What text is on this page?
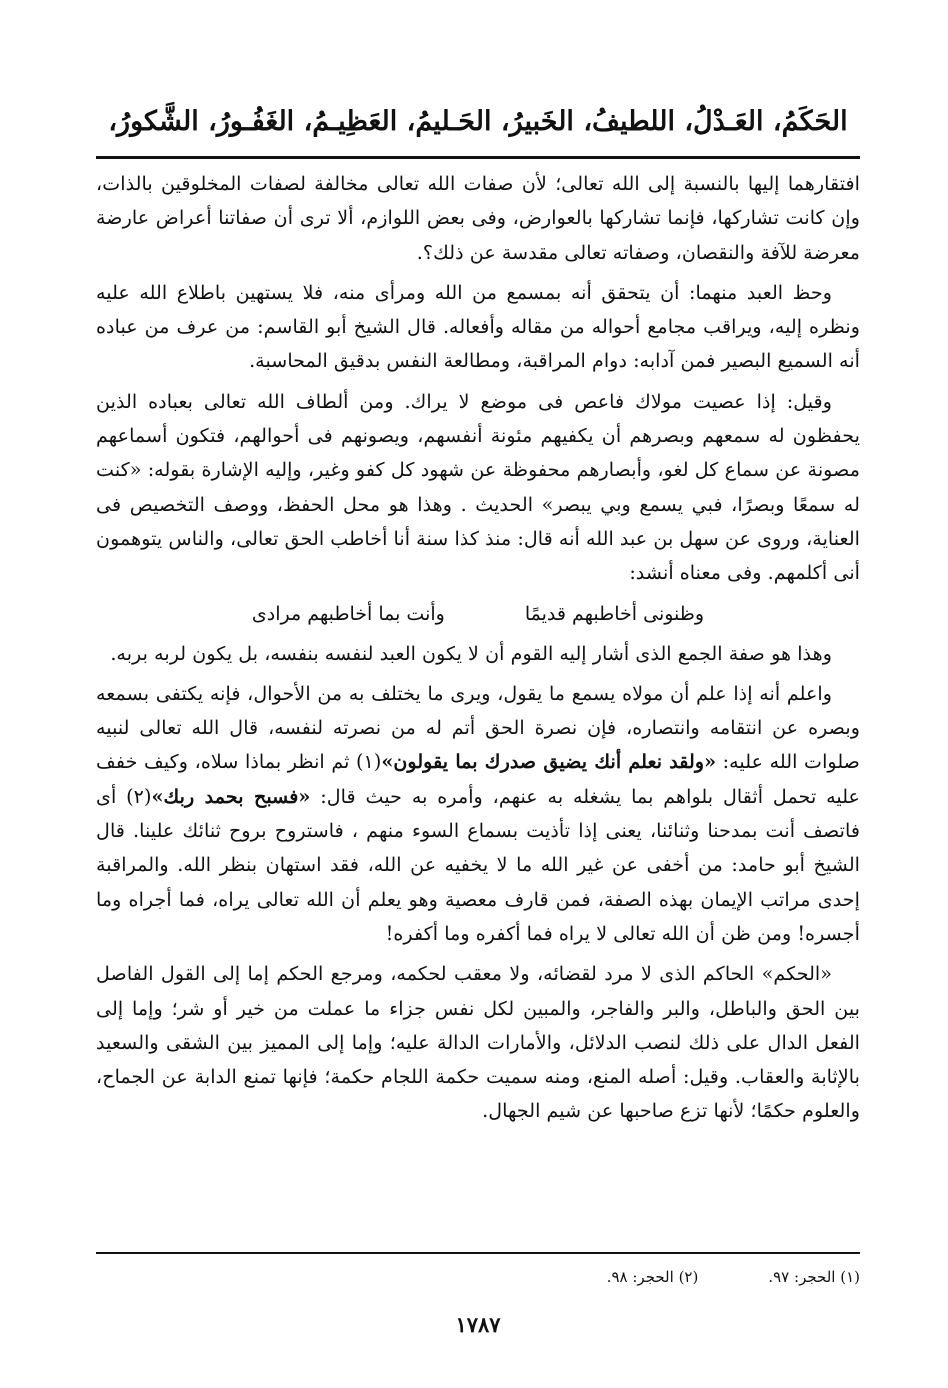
الحَكَمُ، العَـدْلُ، اللطيفُ، الخَبيرُ، الحَـليمُ، العَظِيـمُ، الغَفُـورُ، الشَّكورُ،

افتقارهما إليها بالنسبة إلى الله تعالى؛ لأن صفات الله تعالى مخالفة لصفات المخلوقين بالذات، وإن كانت تشاركها، فإنما تشاركها بالعوارض، وفى بعض اللوازم، ألا ترى أن صفاتنا أعراض عارضة معرضة للآفة والنقصان، وصفاته تعالى مقدسة عن ذلك؟.

وحظ العبد منهما: أن يتحقق أنه بمسمع من الله ومرأى منه، فلا يستهين باطلاع الله عليه ونظره إليه، ويراقب مجامع أحواله من مقاله وأفعاله. قال الشيخ أبو القاسم: من عرف من عباده أنه السميع البصير فمن آدابه: دوام المراقبة، ومطالعة النفس بدقيق المحاسبة.

وقيل: إذا عصيت مولاك فاعص فى موضع لا يراك. ومن ألطاف الله تعالى بعباده الذين يحفظون له سمعهم وبصرهم أن يكفيهم مئونة أنفسهم، ويصونهم فى أحوالهم، فتكون أسماعهم مصونة عن سماع كل لغو، وأبصارهم محفوظة عن شهود كل كفو وغير، وإليه الإشارة بقوله: «كنت له سمعًا وبصرًا، فبي يسمع وبي يبصر» الحديث . وهذا هو محل الحفظ، ووصف التخصيص فى العناية، وروى عن سهل بن عبد الله أنه قال: منذ كذا سنة أنا أخاطب الحق تعالى، والناس يتوهمون أنى أكلمهم. وفى معناه أنشد:

وظنونى أخاطبهم قديمًا
وأنت بما أخاطبهم مرادى

وهذا هو صفة الجمع الذى أشار إليه القوم أن لا يكون العبد لنفسه بنفسه، بل يكون لربه بربه.

واعلم أنه إذا علم أن مولاه يسمع ما يقول، ويرى ما يختلف به من الأحوال، فإنه يكتفى بسمعه وبصره عن انتقامه وانتصاره، فإن نصرة الحق أتم له من نصرته لنفسه، قال الله تعالى لنبيه صلوات الله عليه: «ولقد نعلم أنك يضيق صدرك بما يقولون»(١) ثم انظر بماذا سلاه، وكيف خفف عليه تحمل أثقال بلواهم بما يشغله به عنهم، وأمره به حيث قال: «فسبح بحمد ربك»(٢) أى فاتصف أنت بمدحنا وثنائنا، يعنى إذا تأذيت بسماع السوء منهم ، فاستروح بروح ثنائك علينا. قال الشيخ أبو حامد: من أخفى عن غير الله ما لا يخفيه عن الله، فقد استهان بنظر الله. والمراقبة إحدى مراتب الإيمان بهذه الصفة، فمن قارف معصية وهو يعلم أن الله تعالى يراه، فما أجراه وما أجسره! ومن ظن أن الله تعالى لا يراه فما أكفره وما أكفره!

«الحكم» الحاكم الذى لا مرد لقضائه، ولا معقب لحكمه، ومرجع الحكم إما إلى القول الفاصل بين الحق والباطل، والبر والفاجر، والمبين لكل نفس جزاء ما عملت من خير أو شر؛ وإما إلى الفعل الدال على ذلك لنصب الدلائل، والأمارات الدالة عليه؛ وإما إلى المميز بين الشقى والسعيد بالإثابة والعقاب. وقيل: أصله المنع، ومنه سميت حكمة اللجام حكمة؛ فإنها تمنع الدابة عن الجماح، والعلوم حكمًا؛ لأنها تزع صاحبها عن شيم الجهال.

(١) الحجر: ٩٧.
(٢) الحجر: ٩٨.
١٧٨٧
